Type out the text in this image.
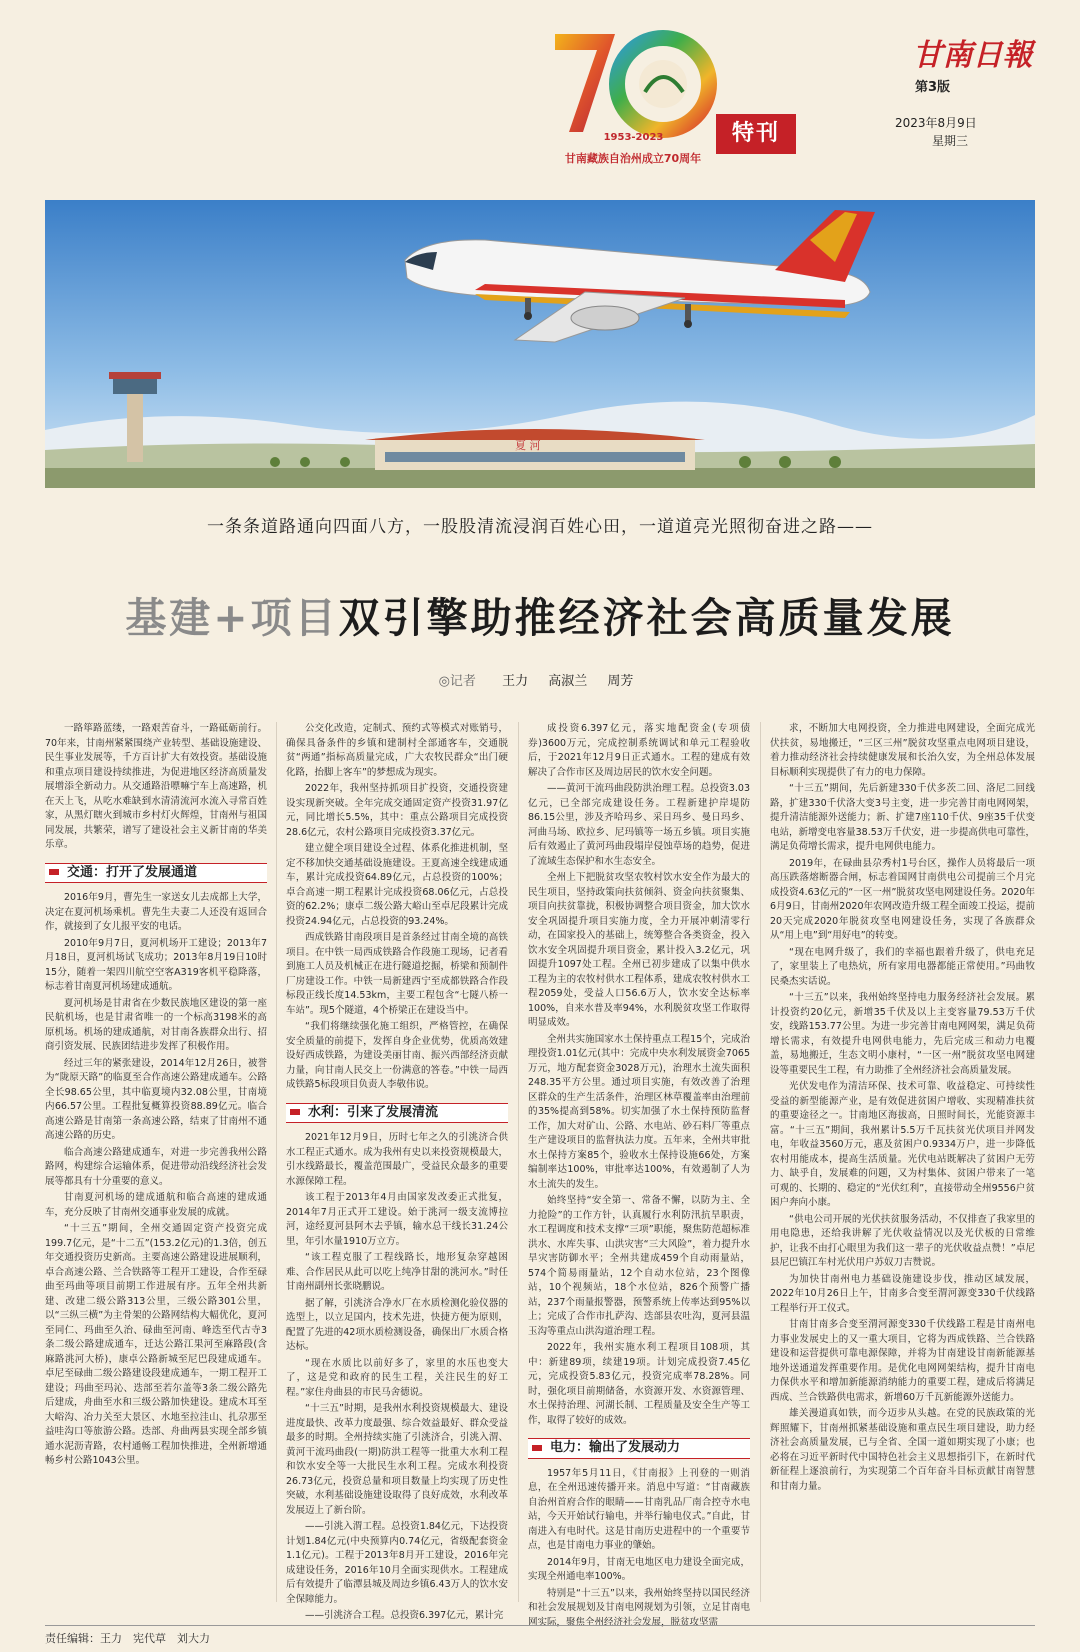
1953-2023
甘南藏族自治州成立70周年
特刊
甘南日報
第3版
2023年8月9日
星期三
夏 河
一条条道路通向四面八方，一股股清流浸润百姓心田，一道道亮光照彻奋进之路——
基建+项目双引擎助推经济社会高质量发展
◎记者 王力 高淑兰 周芳

一路筚路蓝缕，一路艰苦奋斗，一路砥砺前行。70年来，甘南州紧紧围绕产业转型、基础设施建设、民生事业发展等，千方百计扩大有效投资。基础设施和重点项目建设持续推进，为促进地区经济高质量发展增添全新动力。从交通路沿嘌嘛宁车上高速路，机在天上飞，从吃水难缺到水清清流河水流入寻常百姓家，从黑灯瞎火到城市乡村灯火辉煌，甘南州与祖国同发展，共繁荣，谱写了建设社会主义新甘南的华美乐章。

交通：打开了发展通道

2016年9月，曹先生一家送女儿去成都上大学，决定在夏河机场乘机。曹先生夫妻二人还没有返回合作，就接到了女儿报平安的电话。

2010年9月7日，夏河机场开工建设；2013年7月18日，夏河机场试飞成功；2013年8月19日10时15分，随着一架四川航空空客A319客机平稳降落，标志着甘南夏河机场建成通航。

夏河机场是甘肃省在少数民族地区建设的第一座民航机场，也是甘肃省唯一的一个标高3198米的高原机场。机场的建成通航，对甘南各族群众出行、招商引资发展、民族团结进步发挥了积极作用。

经过三年的紧张建设，2014年12月26日，被誉为“陇原天路”的临夏至合作高速公路建成通车。公路全长98.65公里，其中临夏境内32.08公里，甘南境内66.57公里。工程批复概算投资88.89亿元。临合高速公路是甘南第一条高速公路，结束了甘南州不通高速公路的历史。

临合高速公路建成通车，对进一步完善我州公路路网，构建综合运输体系，促进带动沿线经济社会发展等都具有十分重要的意义。

甘南夏河机场的建成通航和临合高速的建成通车，充分反映了甘南州交通事业发展的成就。

“十三五”期间，全州交通固定资产投资完成199.7亿元，是“十二五”(153.2亿元)的1.3倍，创五年交通投资历史新高。主要高速公路建设进展顺利，卓合高速公路、兰合铁路等工程开工建设，合作至碌曲至玛曲等项目前期工作进展有序。五年全州共新建、改建二级公路313公里，三级公路301公里，以“三纵三横”为主骨架的公路网结构大幅优化，夏河至同仁、玛曲至久治、碌曲至河南、峰迭至代古寺3条二级公路建成通车，迁达公路江果河至麻路段(含麻路洮河大桥)，康卓公路新城至尼巴段建成通车。卓尼至碌曲二级公路建设段建成通车，一期工程开工建设；玛曲至玛沁、迭部至若尔盖等3条二级公路先后建成，舟曲至水和三级公路加快建设。建成木耳至大峪沟、冶力关至大景区、水地至拉洼山、扎尕那至益哇沟口等旅游公路。迭部、舟曲两县实现全部乡镇通水泥沥青路，农村通畅工程加快推进，全州新增通畅乡村公路1043公里。

公交化改造，定制式、预约式等模式对账销号，确保具备条件的乡镇和建制村全部通客车，交通脱贫“两通”指标高质量完成，广大农牧民群众“出门硬化路，抬脚上客车”的梦想成为现实。

2022年，我州坚持抓项目扩投资，交通投资建设实现新突破。全年完成交通固定资产投资31.97亿元，同比增长5.5%，其中：重点公路项目完成投资28.6亿元，农村公路项目完成投资3.37亿元。

建立健全项目建设全过程、体系化推进机制，坚定不移加快交通基础设施建设。王夏高速全线建成通车，累计完成投资64.89亿元，占总投资的100%；卓合高速一期工程累计完成投资68.06亿元，占总投资的62.2%；康卓二级公路大峪山至卓尼段累计完成投资24.94亿元，占总投资的93.24%。

西成铁路甘南段项目是首条经过甘南全境的高铁项目。在中铁一局西成铁路合作段施工现场，记者看到施工人员及机械正在进行隧道挖掘，桥梁和预制件厂房建设工作。中铁一局新建西宁至成都铁路合作段标段正线长度14.53km，主要工程包含“七隧八桥一车站”。现5个隧道，4个桥梁正在建设当中。

“我们将继续强化施工组织，严格管控，在确保安全质量的前提下，发挥自身企业优势，优质高效建设好西成铁路，为建设美丽甘南、振兴西部经济贡献力量，向甘南人民交上一份满意的答卷。”中铁一局西成铁路5标段项目负责人李敬伟说。

水利：引来了发展清流

2021年12月9日，历时七年之久的引洮济合供水工程正式通水。成为我州有史以来投资规模最大，引水线路最长，覆盖范围最广，受益民众最多的重要水源保障工程。

该工程于2013年4月由国家发改委正式批复，2014年7月正式开工建设。始于洮河一级支流博拉河，途经夏河县阿木去乎镇，输水总干线长31.24公里，年引水量1910万立方。

“该工程克服了工程线路长，地形复杂穿越困难、合作居民从此可以吃上纯净甘甜的洮河水。”时任甘南州副州长张晓鹏说。

据了解，引洮济合净水厂在水质检测化验仪器的选型上，以立足国内，技术先进，快捷方便为原则，配置了先进的42项水质检测设备，确保出厂水质合格达标。

“现在水质比以前好多了，家里的水压也变大了，这是党和政府的民生工程，关注民生的好工程。”家住舟曲县的市民马舍德说。

“十三五”时期，是我州水利投资规模最大、建设进度最快、改革力度最强、综合效益最好、群众受益最多的时期。全州持续实施了引洮济合，引洮入渭、黄河干流玛曲段(一期)防洪工程等一批重大水利工程和饮水安全等一大批民生水利工程。完成水利投资26.73亿元，投资总量和项目数量上均实现了历史性突破，水利基础设施建设取得了良好成效，水利改革发展迈上了新台阶。

——引洮入渭工程。总投资1.84亿元，下达投资计划1.84亿元(中央预算内0.74亿元，省级配套资金1.1亿元)。工程于2013年8月开工建设，2016年完成建设任务，2016年10月全面实现供水。工程建成后有效提升了临潭县城及周边乡镇6.43万人的饮水安全保障能力。

——引洮济合工程。总投资6.397亿元，累计完

成投资6.397亿元，落实地配资金(专项债券)3600万元，完成控制系统调试和单元工程验收后，于2021年12月9日正式通水。工程的建成有效解决了合作市区及周边居民的饮水安全问题。

——黄河干流玛曲段防洪治理工程。总投资3.03亿元，已全部完成建设任务。工程新建护岸堤防86.15公里，涉及齐哈玛乡、采日玛乡、曼日玛乡、河曲马场、欧拉乡、尼玛镇等一场五乡镇。项目实施后有效遏止了黄河玛曲段塌岸侵蚀草场的趋势，促进了流域生态保护和水生态安全。

全州上下把脱贫攻坚农牧村饮水安全作为最大的民生项目，坚持政策向扶贫倾斜、资金向扶贫聚集、项目向扶贫靠拢，积极协调整合项目资金，加大饮水安全巩固提升项目实施力度，全力开展冲刺清零行动，在国家投入的基础上，统筹整合各类资金，投入饮水安全巩固提升项目资金，累计投入3.2亿元，巩固提升1097处工程。全州已初步建成了以集中供水工程为主的农牧村供水工程体系，建成农牧村供水工程2059处，受益人口56.6万人，饮水安全达标率100%，自来水普及率94%，水利脱贫攻坚工作取得明显成效。

全州共实施国家水土保持重点工程15个，完成治理投资1.01亿元(其中：完成中央水利发展资金7065万元，地方配套资金3028万元)，治理水土流失面积248.35平方公里。通过项目实施，有效改善了治理区群众的生产生活条件，治理区林草覆盖率由治理前的35%提高到58%。切实加强了水土保持预防监督工作，加大对矿山、公路、水电站、砂石料厂等重点生产建设项目的监督执法力度。五年来，全州共审批水土保持方案85个，验收水土保持设施66处，方案编制率达100%，审批率达100%，有效遏制了人为水土流失的发生。

始终坚持“安全第一、常备不懈，以防为主、全力抢险”的工作方针，认真履行水利防汛抗旱职责，水工程调度和技术支撑“三项”职能，聚焦防范超标准洪水、水库失事、山洪灾害“三大风险”，着力提升水旱灾害防御水平；全州共建成459个自动雨量站，574个简易雨量站，12个自动水位站，23个图像站，10个视频站，18个水位站，826个预警广播站，237个雨量报警器，预警系统上传率达到95%以上；完成了合作市扎萨沟、迭部县农吐沟，夏河县温玉沟等重点山洪沟道治理工程。

2022年，我州实施水利工程项目108项，其中：新建89项，续建19项。计划完成投资7.45亿元，完成投资5.83亿元，投资完成率78.28%。同时，强化项目前期储备，水资源开发、水资源管理、水土保持治理、河湖长制、工程质量及安全生产等工作，取得了较好的成效。

电力：输出了发展动力

1957年5月11日，《甘南报》上刊登的一则消息，在全州迅速传播开来。消息中写道：“甘南藏族自治州首府合作的眼睛——甘南乳品厂南合控寺水电站，今天开始试行输电，并举行输电仪式。”自此，甘南进入有电时代。这是甘南历史进程中的一个重要节点，也是甘南电力事业的肇始。

2014年9月，甘南无电地区电力建设全面完成，实现全州通电率100%。

特别是“十三五”以来，我州始终坚持以国民经济和社会发展规划及甘南电网规划为引领，立足甘南电网实际，聚焦全州经济社会发展，脱贫攻坚需

求，不断加大电网投资，全力推进电网建设，全面完成光伏扶贫，易地搬迁，“三区三州”脱贫攻坚重点电网项目建设，着力推动经济社会持续健康发展和长治久安，为全州总体发展目标顺利实现提供了有力的电力保障。

“十三五”期间，先后新建330千伏多茨二回、洛尼二回线路，扩建330千伏洛大变3号主变，进一步完善甘南电网网架，提升清洁能源外送能力；新、扩建7座110千伏、9座35千伏变电站，新增变电容量38.53万千伏安，进一步提高供电可靠性，满足负荷增长需求，提升电网供电能力。

2019年，在碌曲县尕秀村1号台区，操作人员将最后一项高压跌落熔断器合闸，标志着国网甘南供电公司提前三个月完成投资4.63亿元的“一区一州”脱贫攻坚电网建设任务。2020年6月9日，甘南州2020年农网改造升级工程全面竣工投运，提前20天完成2020年脱贫攻坚电网建设任务，实现了各族群众从“用上电”到“用好电”的转变。

“现在电网升级了，我们的幸福也跟着升级了，供电充足了，家里装上了电热炕，所有家用电器都能正常使用。”玛曲牧民桑杰实话说。

“十三五”以来，我州始终坚持电力服务经济社会发展。累计投资约20亿元，新增35千伏及以上主变容量79.53万千伏安，线路153.77公里。为进一步完善甘南电网网架，满足负荷增长需求，有效提升电网供电能力，先后完成三和动力电覆盖，易地搬迁，生态文明小康村，“一区一州”脱贫攻坚电网建设等重要民生工程，有力助推了全州经济社会高质量发展。

光伏发电作为清洁环保、技术可靠、收益稳定、可持续性受益的新型能源产业，是有效促进贫困户增收、实现精准扶贫的重要途径之一。甘南地区海拔高，日照时间长，光能资源丰富。“十三五”期间，我州累计5.5万千瓦扶贫光伏项目并网发电，年收益3560万元，惠及贫困户0.9334万户，进一步降低农村用能成本，提高生活质量。光伏电站既解决了贫困户无劳力、缺乎自，发展难的问题，又为村集体、贫困户带来了一笔可观的、长期的、稳定的“光伏红利”，直接带动全州9556户贫困户奔向小康。

“供电公司开展的光伏扶贫服务活动，不仅排查了我家里的用电隐患，还给我讲解了光伏收益情况以及光伏板的日常维护，让我不由打心眼里为我们这一辈子的光伏收益点赞！”卓尼县尼巴镇江车村光伏用户苏奴刀吉赞说。

为加快甘南州电力基础设施建设步伐，推动区域发展，2022年10月26日上午，甘南多合变至渭河源变330千伏线路工程举行开工仪式。

甘南甘南多合变至渭河源变330千伏线路工程是甘南州电力事业发展史上的又一重大项目，它将为西成铁路、兰合铁路建设和运营提供可靠电源保障，并将为甘南建设甘南新能源基地外送通道发挥重要作用。是优化电网网架结构，提升甘南电力保供水平和增加新能源消纳能力的重要工程，建成后将满足西成、兰合铁路供电需求，新增60万千瓦新能源外送能力。

雄关漫道真如铁，而今迈步从头越。在党的民族政策的光辉照耀下，甘南州抓紧基础设施和重点民生项目建设，助力经济社会高质量发展，已与全省、全国一道如期实现了小康；也必将在习近平新时代中国特色社会主义思想指引下，在新时代新征程上逐浪前行，为实现第二个百年奋斗目标贡献甘南智慧和甘南力量。

责任编辑：王力　宪代草　刘大力
